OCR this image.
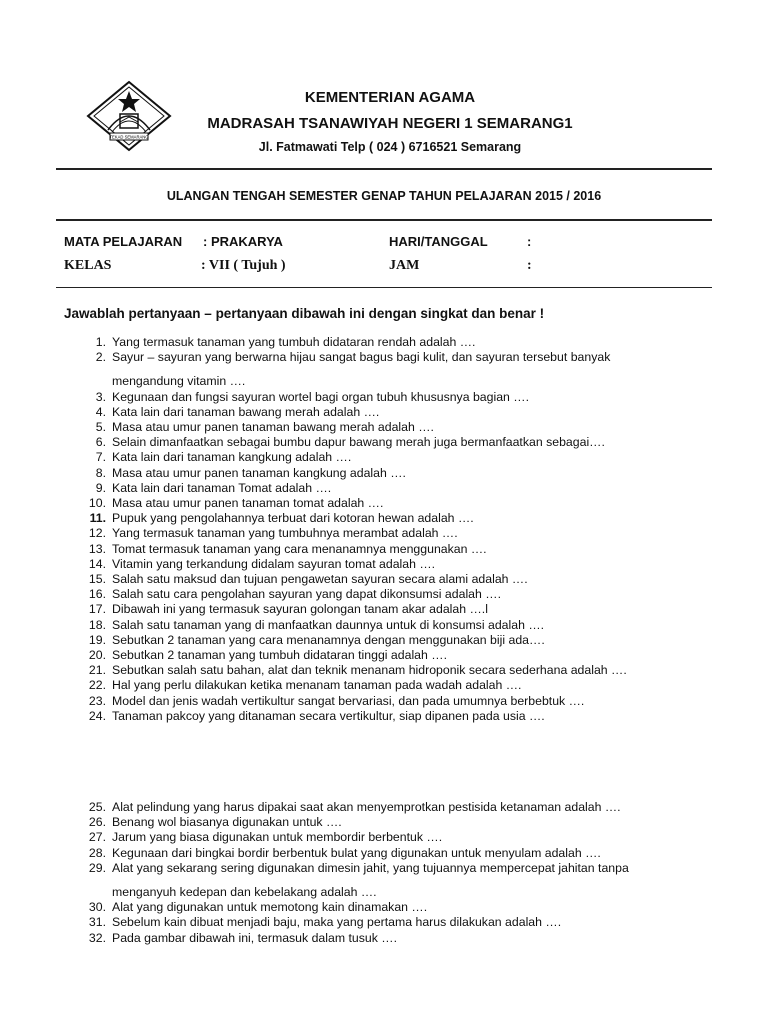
TEKAD SEMARANG
KEMENTERIAN AGAMA
MADRASAH TSANAWIYAH NEGERI 1 SEMARANG1
Jl. Fatmawati Telp ( 024 ) 6716521 Semarang
ULANGAN TENGAH SEMESTER GENAP TAHUN PELAJARAN 2015 / 2016
MATA PELAJARAN : PRAKARYA	HARI/TANGGAL	:
KELAS	: VII ( Tujuh )	JAM	:
Jawablah pertanyaan – pertanyaan dibawah ini dengan singkat dan benar !
1. Yang termasuk tanaman yang tumbuh didataran rendah adalah ….
2. Sayur – sayuran yang berwarna hijau sangat bagus bagi kulit, dan sayuran tersebut banyak
mengandung vitamin ….
3. Kegunaan dan fungsi sayuran wortel bagi organ tubuh khususnya bagian ….
4. Kata lain dari tanaman bawang merah adalah ….
5. Masa atau umur panen tanaman bawang merah adalah ….
6. Selain dimanfaatkan sebagai bumbu dapur bawang merah juga bermanfaatkan sebagai….
7. Kata lain dari tanaman kangkung adalah ….
8. Masa atau umur panen tanaman kangkung adalah ….
9. Kata lain dari tanaman Tomat adalah ….
10. Masa atau umur panen tanaman tomat adalah ….
11. Pupuk yang pengolahannya terbuat dari kotoran hewan adalah ….
12. Yang termasuk tanaman yang tumbuhnya merambat adalah ….
13. Tomat termasuk tanaman yang cara menanamnya menggunakan ….
14. Vitamin yang terkandung didalam sayuran tomat adalah ….
15. Salah satu maksud dan tujuan pengawetan sayuran secara alami adalah ….
16. Salah satu cara pengolahan sayuran yang dapat dikonsumsi adalah ….
17. Dibawah ini yang termasuk sayuran golongan tanam akar adalah ….l
18. Salah satu tanaman yang di manfaatkan daunnya untuk di konsumsi adalah ….
19. Sebutkan 2 tanaman yang cara menanamnya dengan menggunakan biji ada….
20. Sebutkan 2 tanaman yang tumbuh didataran tinggi adalah ….
21. Sebutkan salah satu bahan, alat dan teknik menanam hidroponik secara sederhana adalah ….
22. Hal yang perlu dilakukan ketika menanam tanaman pada wadah adalah ….
23. Model dan jenis wadah vertikultur sangat bervariasi, dan pada umumnya berbebtuk ….
24. Tanaman pakcoy yang ditanaman secara vertikultur, siap dipanen pada usia ….
25. Alat pelindung yang harus dipakai saat akan menyemprotkan pestisida ketanaman adalah ….
26. Benang wol biasanya digunakan untuk ….
27. Jarum yang biasa digunakan untuk membordir berbentuk ….
28. Kegunaan dari bingkai bordir berbentuk bulat yang digunakan untuk menyulam adalah ….
29. Alat yang sekarang sering digunakan dimesin jahit, yang tujuannya mempercepat jahitan tanpa
menganyuh kedepan dan kebelakang adalah ….
30. Alat yang digunakan untuk memotong kain dinamakan ….
31. Sebelum kain dibuat menjadi baju, maka yang pertama harus dilakukan adalah ….
32. Pada gambar dibawah ini, termasuk dalam tusuk ….
